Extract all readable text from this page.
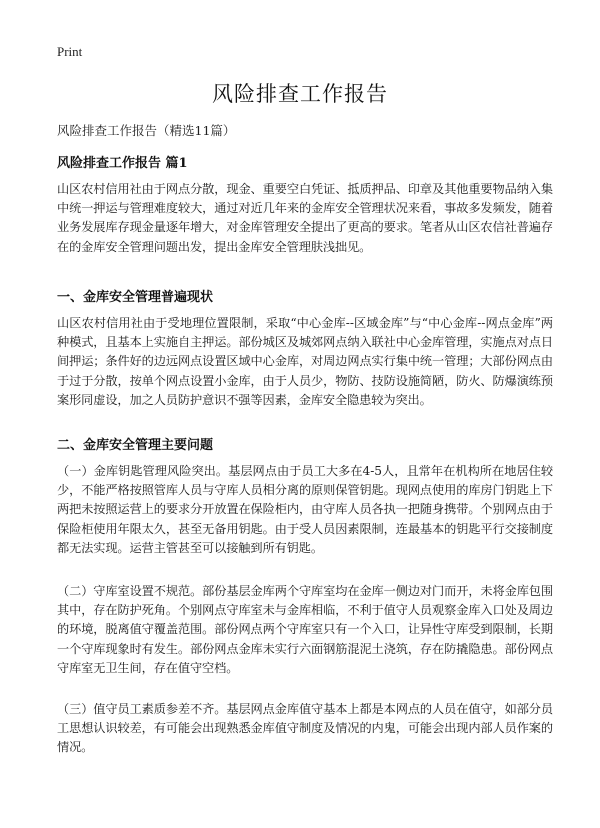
Print
风险排查工作报告
风险排查工作报告（精选11篇）
风险排查工作报告 篇1
山区农村信用社由于网点分散，现金、重要空白凭证、抵质押品、印章及其他重要物品纳入集中统一押运与管理难度较大，通过对近几年来的金库安全管理状况来看，事故多发频发，随着业务发展库存现金量逐年增大，对金库管理安全提出了更高的要求。笔者从山区农信社普遍存在的金库安全管理问题出发，提出金库安全管理肤浅拙见。
一、金库安全管理普遍现状
山区农村信用社由于受地理位置限制，采取“中心金库--区域金库”与“中心金库--网点金库”两种模式，且基本上实施自主押运。部份城区及城郊网点纳入联社中心金库管理，实施点对点日间押运；条件好的边远网点设置区域中心金库，对周边网点实行集中统一管理；大部份网点由于过于分散，按单个网点设置小金库，由于人员少，物防、技防设施简陋，防火、防爆演练预案形同虚设，加之人员防护意识不强等因素，金库安全隐患较为突出。
二、金库安全管理主要问题
（一）金库钥匙管理风险突出。基层网点由于员工大多在4-5人，且常年在机构所在地居住较少，不能严格按照管库人员与守库人员相分离的原则保管钥匙。现网点使用的库房门钥匙上下两把未按照运营上的要求分开放置在保险柜内，由守库人员各执一把随身携带。个别网点由于保险柜使用年限太久，甚至无备用钥匙。由于受人员因素限制，连最基本的钥匙平行交接制度都无法实现。运营主管甚至可以接触到所有钥匙。
（二）守库室设置不规范。部份基层金库两个守库室均在金库一侧边对门而开，未将金库包围其中，存在防护死角。个别网点守库室未与金库相临，不利于值守人员观察金库入口处及周边的环境，脱离值守覆盖范围。部份网点两个守库室只有一个入口，让异性守库受到限制，长期一个守库现象时有发生。部份网点金库未实行六面钢筋混泥土浇筑，存在防撬隐患。部份网点守库室无卫生间，存在值守空档。
（三）值守员工素质参差不齐。基层网点金库值守基本上都是本网点的人员在值守，如部分员工思想认识较差，有可能会出现熟悉金库值守制度及情况的内鬼，可能会出现内部人员作案的情况。
